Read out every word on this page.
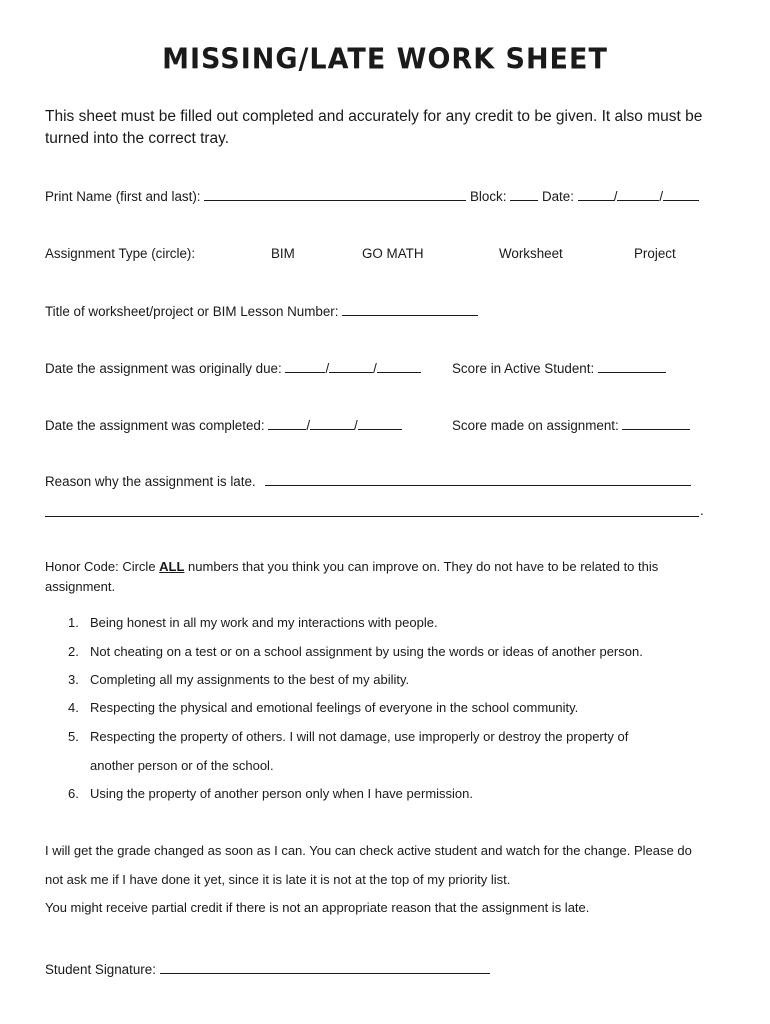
MISSING/LATE WORK SHEET
This sheet must be filled out completed and accurately for any credit to be given. It also must be turned into the correct tray.
Print Name (first and last):	Block:	Date:	/	/
Assignment Type (circle):	BIM	GO MATH	Worksheet	Project
Title of worksheet/project or BIM Lesson Number:
Date the assignment was originally due:	/	/	Score in Active Student:
Date the assignment was completed:	/	/	Score made on assignment:
Reason why the assignment is late.
.
Honor Code: Circle ALL numbers that you think you can improve on. They do not have to be related to this assignment.
1. Being honest in all my work and my interactions with people.
2. Not cheating on a test or on a school assignment by using the words or ideas of another person.
3. Completing all my assignments to the best of my ability.
4. Respecting the physical and emotional feelings of everyone in the school community.
5. Respecting the property of others. I will not damage, use improperly or destroy the property of
another person or of the school.
6. Using the property of another person only when I have permission.
I will get the grade changed as soon as I can. You can check active student and watch for the change. Please do
not ask me if I have done it yet, since it is late it is not at the top of my priority list.
You might receive partial credit if there is not an appropriate reason that the assignment is late.
Student Signature:
